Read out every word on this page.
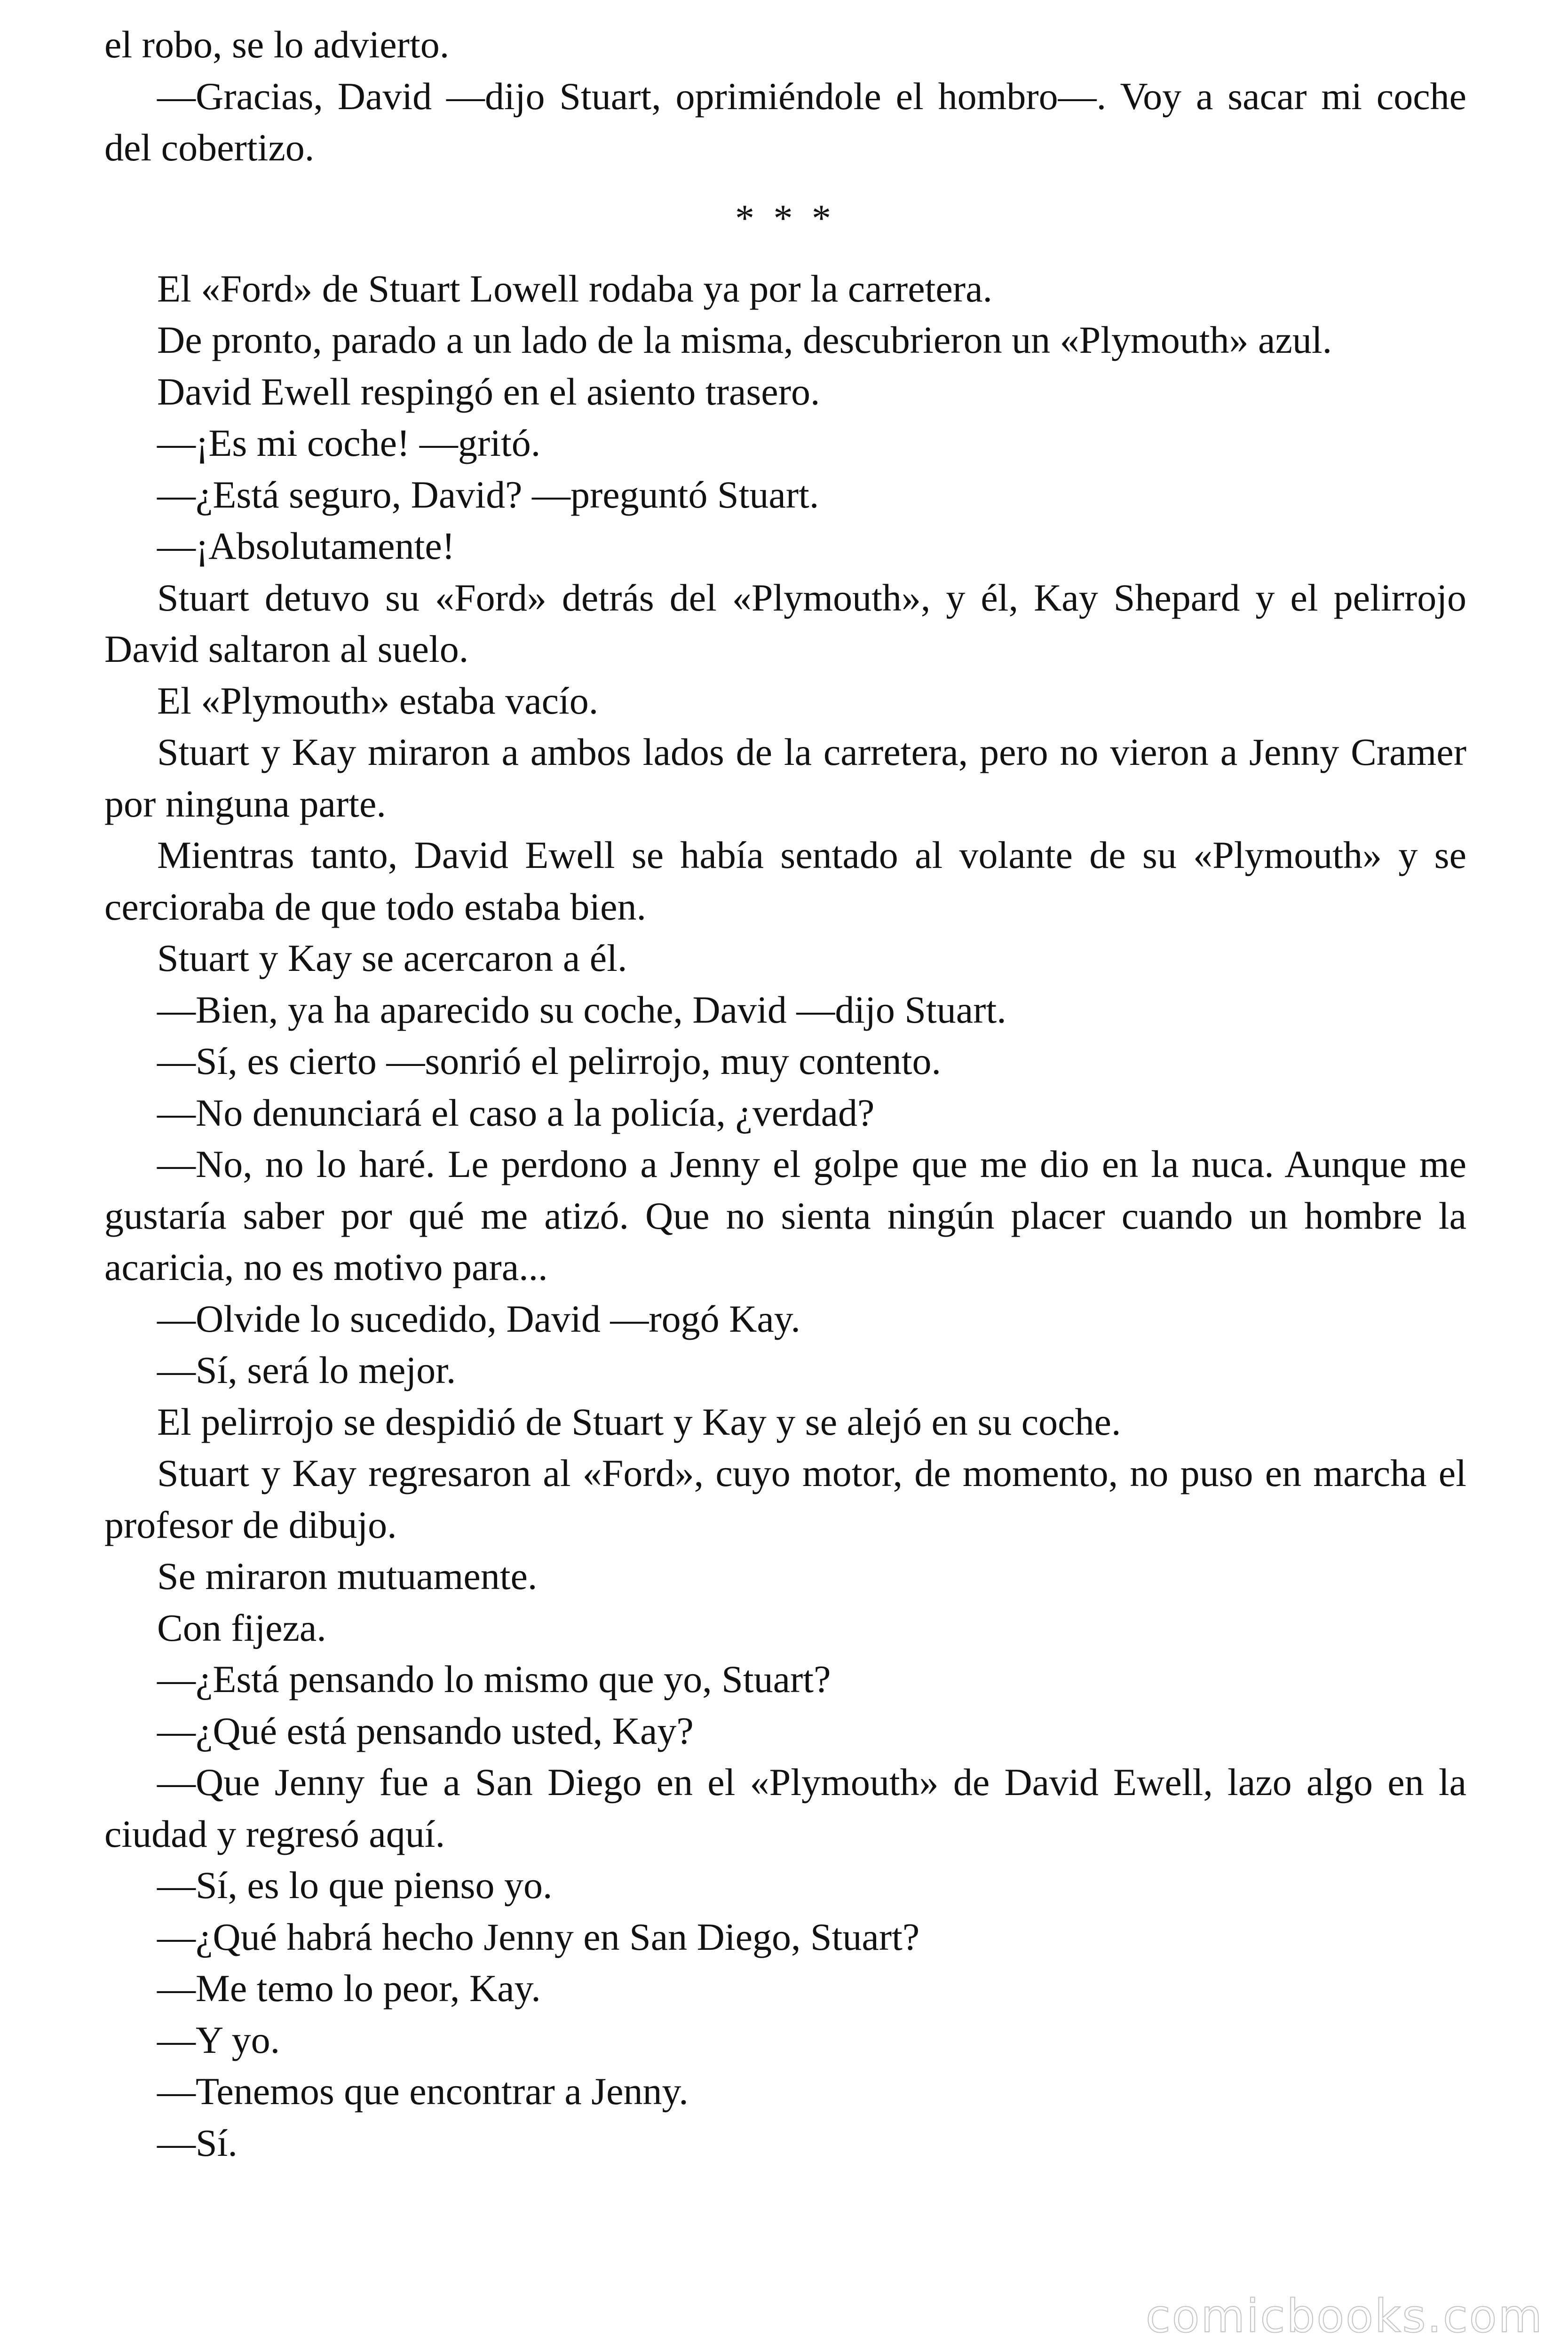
el robo, se lo advierto.

—Gracias, David —dijo Stuart, oprimiéndole el hombro—. Voy a sacar mi coche del cobertizo.

* * *

El «Ford» de Stuart Lowell rodaba ya por la carretera.

De pronto, parado a un lado de la misma, descubrieron un «Plymouth» azul.

David Ewell respingó en el asiento trasero.

—¡Es mi coche! —gritó.

—¿Está seguro, David? —preguntó Stuart.

—¡Absolutamente!

Stuart detuvo su «Ford» detrás del «Plymouth», y él, Kay Shepard y el pelirrojo David saltaron al suelo.

El «Plymouth» estaba vacío.

Stuart y Kay miraron a ambos lados de la carretera, pero no vieron a Jenny Cramer por ninguna parte.

Mientras tanto, David Ewell se había sentado al volante de su «Plymouth» y se cercioraba de que todo estaba bien.

Stuart y Kay se acercaron a él.

—Bien, ya ha aparecido su coche, David —dijo Stuart.

—Sí, es cierto —sonrió el pelirrojo, muy contento.

—No denunciará el caso a la policía, ¿verdad?

—No, no lo haré. Le perdono a Jenny el golpe que me dio en la nuca. Aunque me gustaría saber por qué me atizó. Que no sienta ningún placer cuando un hombre la acaricia, no es motivo para...

—Olvide lo sucedido, David —rogó Kay.

—Sí, será lo mejor.

El pelirrojo se despidió de Stuart y Kay y se alejó en su coche.

Stuart y Kay regresaron al «Ford», cuyo motor, de momento, no puso en marcha el profesor de dibujo.

Se miraron mutuamente.

Con fijeza.

—¿Está pensando lo mismo que yo, Stuart?

—¿Qué está pensando usted, Kay?

—Que Jenny fue a San Diego en el «Plymouth» de David Ewell, lazo algo en la ciudad y regresó aquí.

—Sí, es lo que pienso yo.

—¿Qué habrá hecho Jenny en San Diego, Stuart?

—Me temo lo peor, Kay.

—Y yo.

—Tenemos que encontrar a Jenny.

—Sí.

comicbooks.com
